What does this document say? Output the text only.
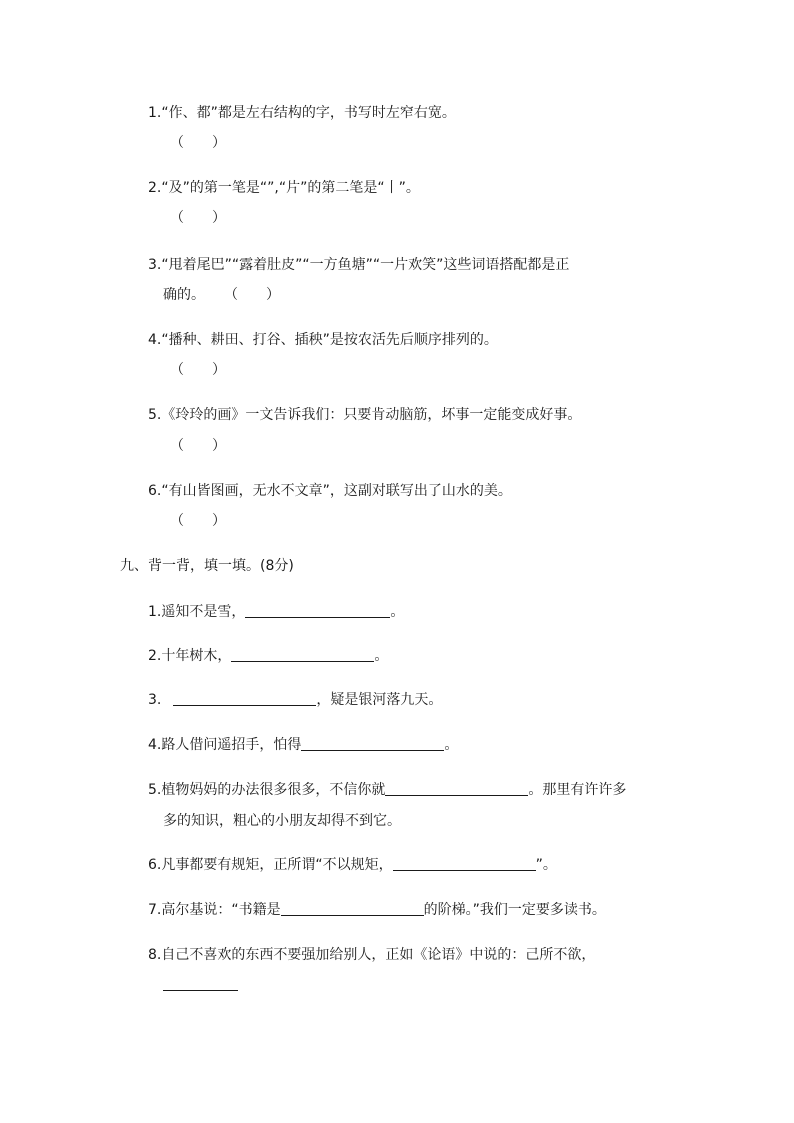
1.“作、都”都是左右结构的字，书写时左窄右宽。
（　　）
2.“及”的第一笔是“”,“片”的第二笔是“丨”。
（　　）
3.“甩着尾巴”“露着肚皮”“一方鱼塘”“一片欢笑”这些词语搭配都是正
确的。 （　　）
4.“播种、耕田、打谷、插秧”是按农活先后顺序排列的。
（　　）
5.《玲玲的画》一文告诉我们：只要肯动脑筋，坏事一定能变成好事。
（　　）
6.“有山皆图画，无水不文章”，这副对联写出了山水的美。
（　　）
九、背一背，填一填。(8分)
1.遥知不是雪，	。
2.十年树木，	。
3.	，疑是银河落九天。
4.路人借问遥招手，怕得	。
5.植物妈妈的办法很多很多，不信你就	。那里有许许多
多的知识，粗心的小朋友却得不到它。
6.凡事都要有规矩，正所谓“不以规矩，	”。
7.高尔基说：“书籍是	的阶梯。”我们一定要多读书。
8.自己不喜欢的东西不要强加给别人，正如《论语》中说的：己所不欲，
